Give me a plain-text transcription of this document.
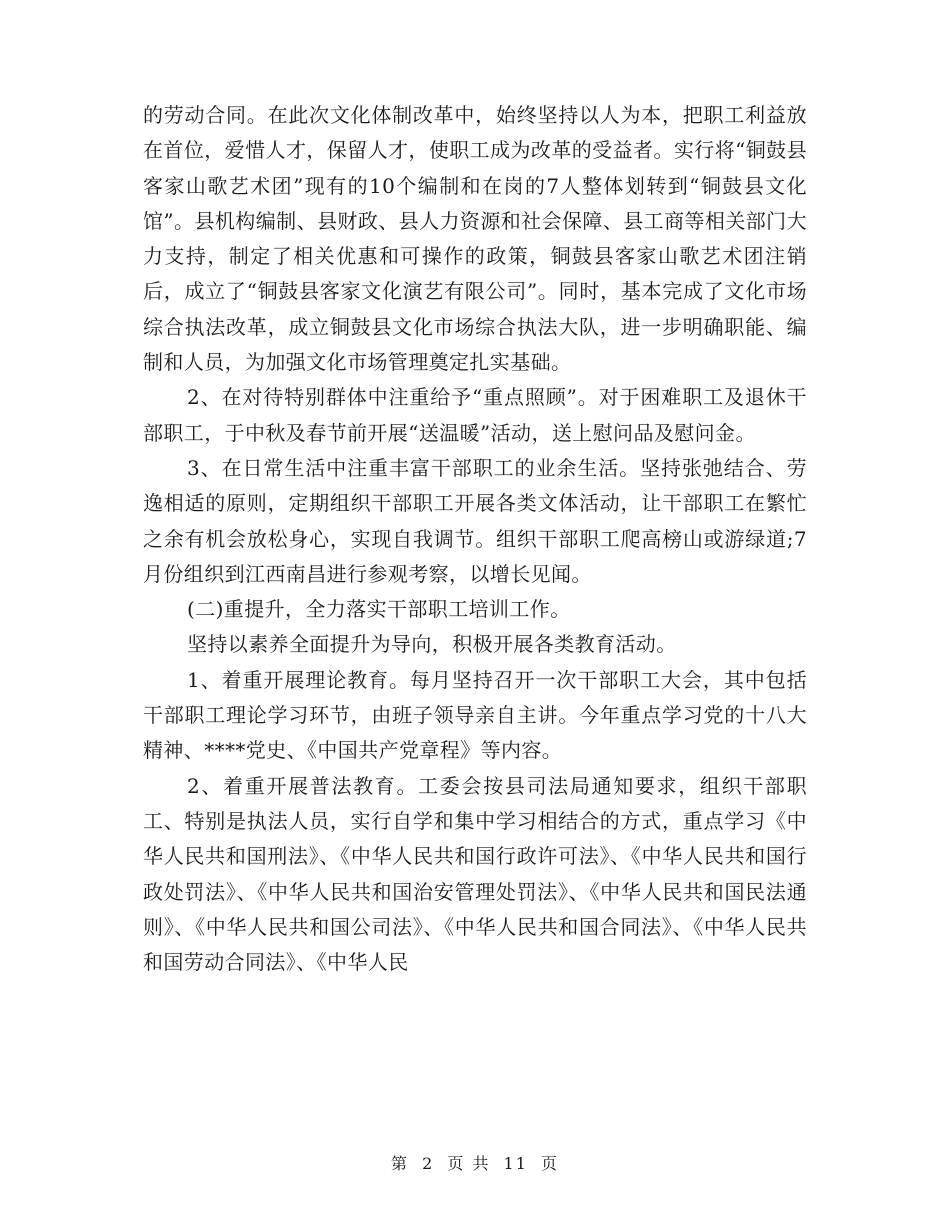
的劳动合同。在此次文化体制改革中，始终坚持以人为本，把职工利益放在首位，爱惜人才，保留人才，使职工成为改革的受益者。实行将“铜鼓县客家山歌艺术团”现有的10个编制和在岗的7人整体划转到“铜鼓县文化馆”。县机构编制、县财政、县人力资源和社会保障、县工商等相关部门大力支持，制定了相关优惠和可操作的政策，铜鼓县客家山歌艺术团注销后，成立了“铜鼓县客家文化演艺有限公司”。同时，基本完成了文化市场综合执法改革，成立铜鼓县文化市场综合执法大队，进一步明确职能、编制和人员，为加强文化市场管理奠定扎实基础。

2、在对待特别群体中注重给予“重点照顾”。对于困难职工及退休干部职工，于中秋及春节前开展“送温暖”活动，送上慰问品及慰问金。

3、在日常生活中注重丰富干部职工的业余生活。坚持张弛结合、劳逸相适的原则，定期组织干部职工开展各类文体活动，让干部职工在繁忙之余有机会放松身心，实现自我调节。组织干部职工爬高榜山或游绿道;7月份组织到江西南昌进行参观考察，以增长见闻。

(二)重提升，全力落实干部职工培训工作。

坚持以素养全面提升为导向，积极开展各类教育活动。

1、着重开展理论教育。每月坚持召开一次干部职工大会，其中包括干部职工理论学习环节，由班子领导亲自主讲。今年重点学习党的十八大精神、****党史、《中国共产党章程》等内容。

2、着重开展普法教育。工委会按县司法局通知要求，组织干部职工、特别是执法人员，实行自学和集中学习相结合的方式，重点学习《中华人民共和国刑法》、《中华人民共和国行政许可法》、《中华人民共和国行政处罚法》、《中华人民共和国治安管理处罚法》、《中华人民共和国民法通则》、《中华人民共和国公司法》、《中华人民共和国合同法》、《中华人民共和国劳动合同法》、《中华人民

第 2 页 共 11 页
